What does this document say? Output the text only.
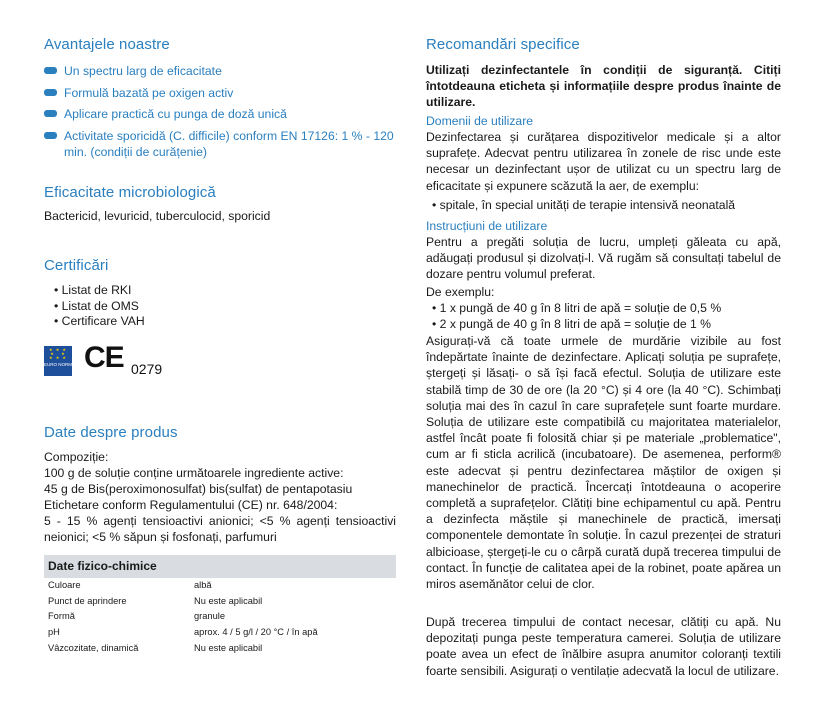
Avantajele noastre
Un spectru larg de eficacitate
Formulă bazată pe oxigen activ
Aplicare practică cu punga de doză unică
Activitate sporicidă (C. difficile) conform EN 17126: 1 % - 120 min. (condiții de curățenie)
Eficacitate microbiologică

Bactericid, levuricid, tuberculocid, sporicid

Certificări
• Listat de RKI
• Listat de OMS
• Certificare VAH
★ ★ ★
★   ★
★ ★ ★
EURO NORM CE 0279
Date despre produs

Compoziție:

100 g de soluție conține următoarele ingrediente active:

45 g de Bis(peroximonosulfat) bis(sulfat) de pentapotasiu

Etichetare conform Regulamentului (CE) nr. 648/2004:

5 - 15 % agenți tensioactivi anionici; <5 % agenți tensioactivi neionici; <5 % săpun și fosfonați, parfumuri

Date fizico-chimice
Culoare	albă
Punct de aprindere	Nu este aplicabil
Formă	granule
pH	aprox. 4 / 5 g/l / 20 °C / în apă
Vâzcozitate, dinamică	Nu este aplicabil
Recomandări specifice

Utilizați dezinfectantele în condiții de siguranță. Citiți întotdeauna eticheta și informațiile despre produs înainte de utilizare.

Domenii de utilizare

Dezinfectarea și curățarea dispozitivelor medicale și a altor suprafețe. Adecvat pentru utilizarea în zonele de risc unde este necesar un dezinfectant ușor de utilizat cu un spectru larg de eficacitate și expunere scăzută la aer, de exemplu:

• spitale, în special unități de terapie intensivă neonatală

Instrucțiuni de utilizare

Pentru a pregăti soluția de lucru, umpleți găleata cu apă, adăugați produsul și dizolvați-l. Vă rugăm să consultați tabelul de dozare pentru volumul preferat.

De exemplu:

• 1 x pungă de 40 g în 8 litri de apă = soluție de 0,5 %
• 2 x pungă de 40 g în 8 litri de apă = soluție de 1 %

Asigurați-vă că toate urmele de murdărie vizibile au fost îndepărtate înainte de dezinfectare. Aplicați soluția pe suprafețe, ștergeți și lăsați- o să își facă efectul. Soluția de utilizare este stabilă timp de 30 de ore (la 20 °C) și 4 ore (la 40 °C). Schimbați soluția mai des în cazul în care suprafețele sunt foarte murdare. Soluția de utilizare este compatibilă cu majoritatea materialelor, astfel încât poate fi folosită chiar și pe materiale „problematice", cum ar fi sticla acrilică (incubatoare). De asemenea, perform® este adecvat și pentru dezinfectarea măștilor de oxigen și manechinelor de practică. Încercați întotdeauna o acoperire completă a suprafețelor. Clătiți bine echipamentul cu apă. Pentru a dezinfecta măștile și manechinele de practică, imersați componentele demontate în soluție. În cazul prezenței de straturi albicioase, ștergeți-le cu o cârpă curată după trecerea timpului de contact. În funcție de calitatea apei de la robinet, poate apărea un miros asemănător celui de clor.

După trecerea timpului de contact necesar, clătiți cu apă. Nu depozitați punga peste temperatura camerei. Soluția de utilizare poate avea un efect de înălbire asupra anumitor coloranți textili foarte sensibili. Asigurați o ventilație adecvată la locul de utilizare.
